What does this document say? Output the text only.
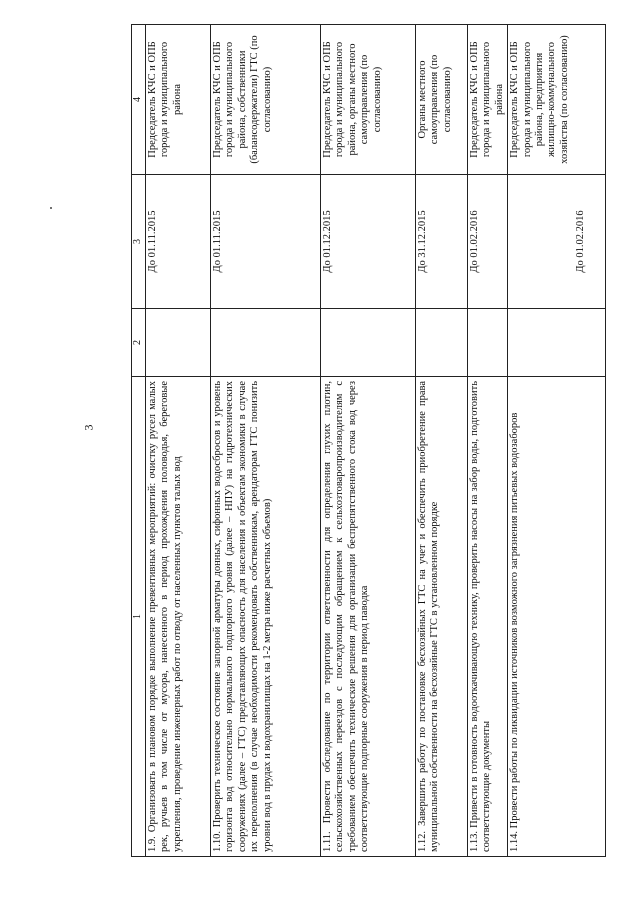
3
1	2	3	4
1.9. Организовать в плановом порядке выполнение превентивных мероприятий: очистку русел малых рек, ручьев в том числе от мусора, нанесенного в период прохождения половодья, береговые укрепления, проведение инженерных работ по отводу от населенных пунктов талых вод		До 01.11.2015	Председатель КЧС и ОПБ города и муниципального района
1.10. Проверить техническое состояние запорной арматуры донных, сифонных водосбросов и уровень горизонта вод относительно нормального подпорного уровня (далее – НПУ) на гидротехнических сооружениях (далее – ГТС) представляющих опасность для населения и объектам экономики в случае их переполнения (в случае необходимости рекомендовать собственникам, арендаторам ГТС понизить уровни вод в прудах и водохранилищах на 1-2 метра ниже расчетных объемов)		До 01.11.2015	Председатель КЧС и ОПБ города и муниципального района, собственники (балансодержатели) ГТС (по согласованию)
1.11. Провести обследование по территории ответственности для определения глухих плотин, сельскохозяйственных переездов с последующим обращением к сельхозтоваропроизводителям с требованием обеспечить технические решения для организации беспрепятственного стока вод через соответствующие подпорные сооружения в период паводка		До 01.12.2015	Председатель КЧС и ОПБ города и муниципального района, органы местного самоуправления (по согласованию)
1.12. Завершить работу по постановке бесхозяйных ГТС на учет и обеспечить приобретение права муниципальной собственности на бесхозяйные ГТС в установленном порядке		До 31.12.2015	Органы местного самоуправления (по согласованию)
1.13. Привести в готовность водооткачивающую технику, проверить насосы на забор воды, подготовить соответствующие документы		До 01.02.2016	Председатель КЧС и ОПБ города и муниципального района
1.14. Провести работы по ликвидации источников возможного загрязнения питьевых водозаборов		До 01.02.2016	Председатель КЧС и ОПБ города и муниципального района, предприятия жилищно-коммунального хозяйства (по согласованию)
